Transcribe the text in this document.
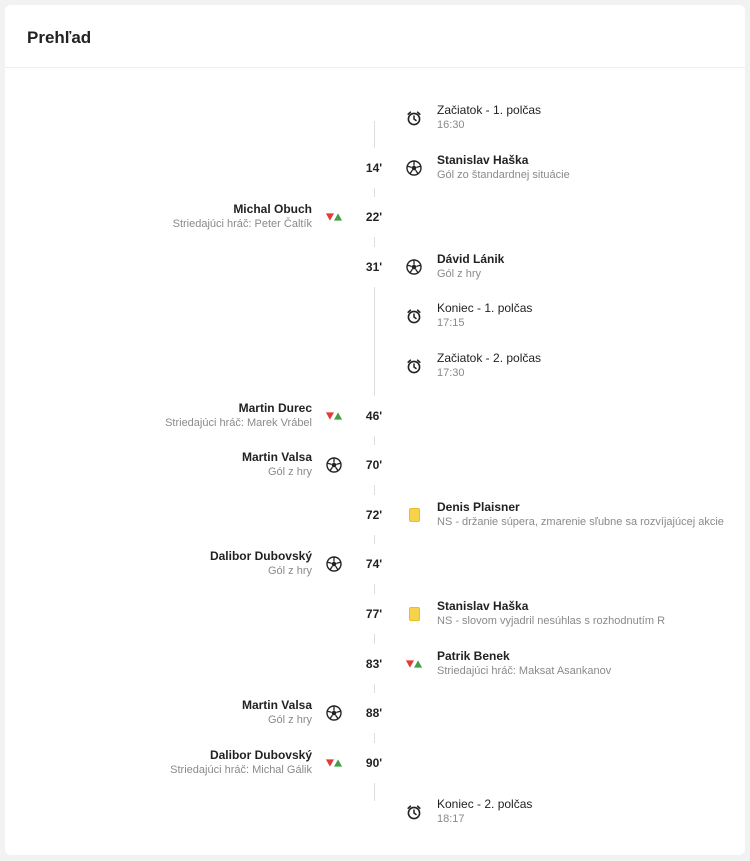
Prehľad
Začiatok - 1. polčas
16:30
14'
Stanislav Haška
Gól zo štandardnej situácie
22'
Michal Obuch
Striedajúci hráč: Peter Čaltík
31'
Dávid Lánik
Gól z hry
Koniec - 1. polčas
17:15
Začiatok - 2. polčas
17:30
46'
Martin Durec
Striedajúci hráč: Marek Vrábel
70'
Martin Valsa
Gól z hry
72'
Denis Plaisner
NS - držanie súpera, zmarenie sľubne sa rozvíjajúcej akcie
74'
Dalibor Dubovský
Gól z hry
77'
Stanislav Haška
NS - slovom vyjadril nesúhlas s rozhodnutím R
83'
Patrik Benek
Striedajúci hráč: Maksat Asankanov
88'
Martin Valsa
Gól z hry
90'
Dalibor Dubovský
Striedajúci hráč: Michal Gálik
Koniec - 2. polčas
18:17
